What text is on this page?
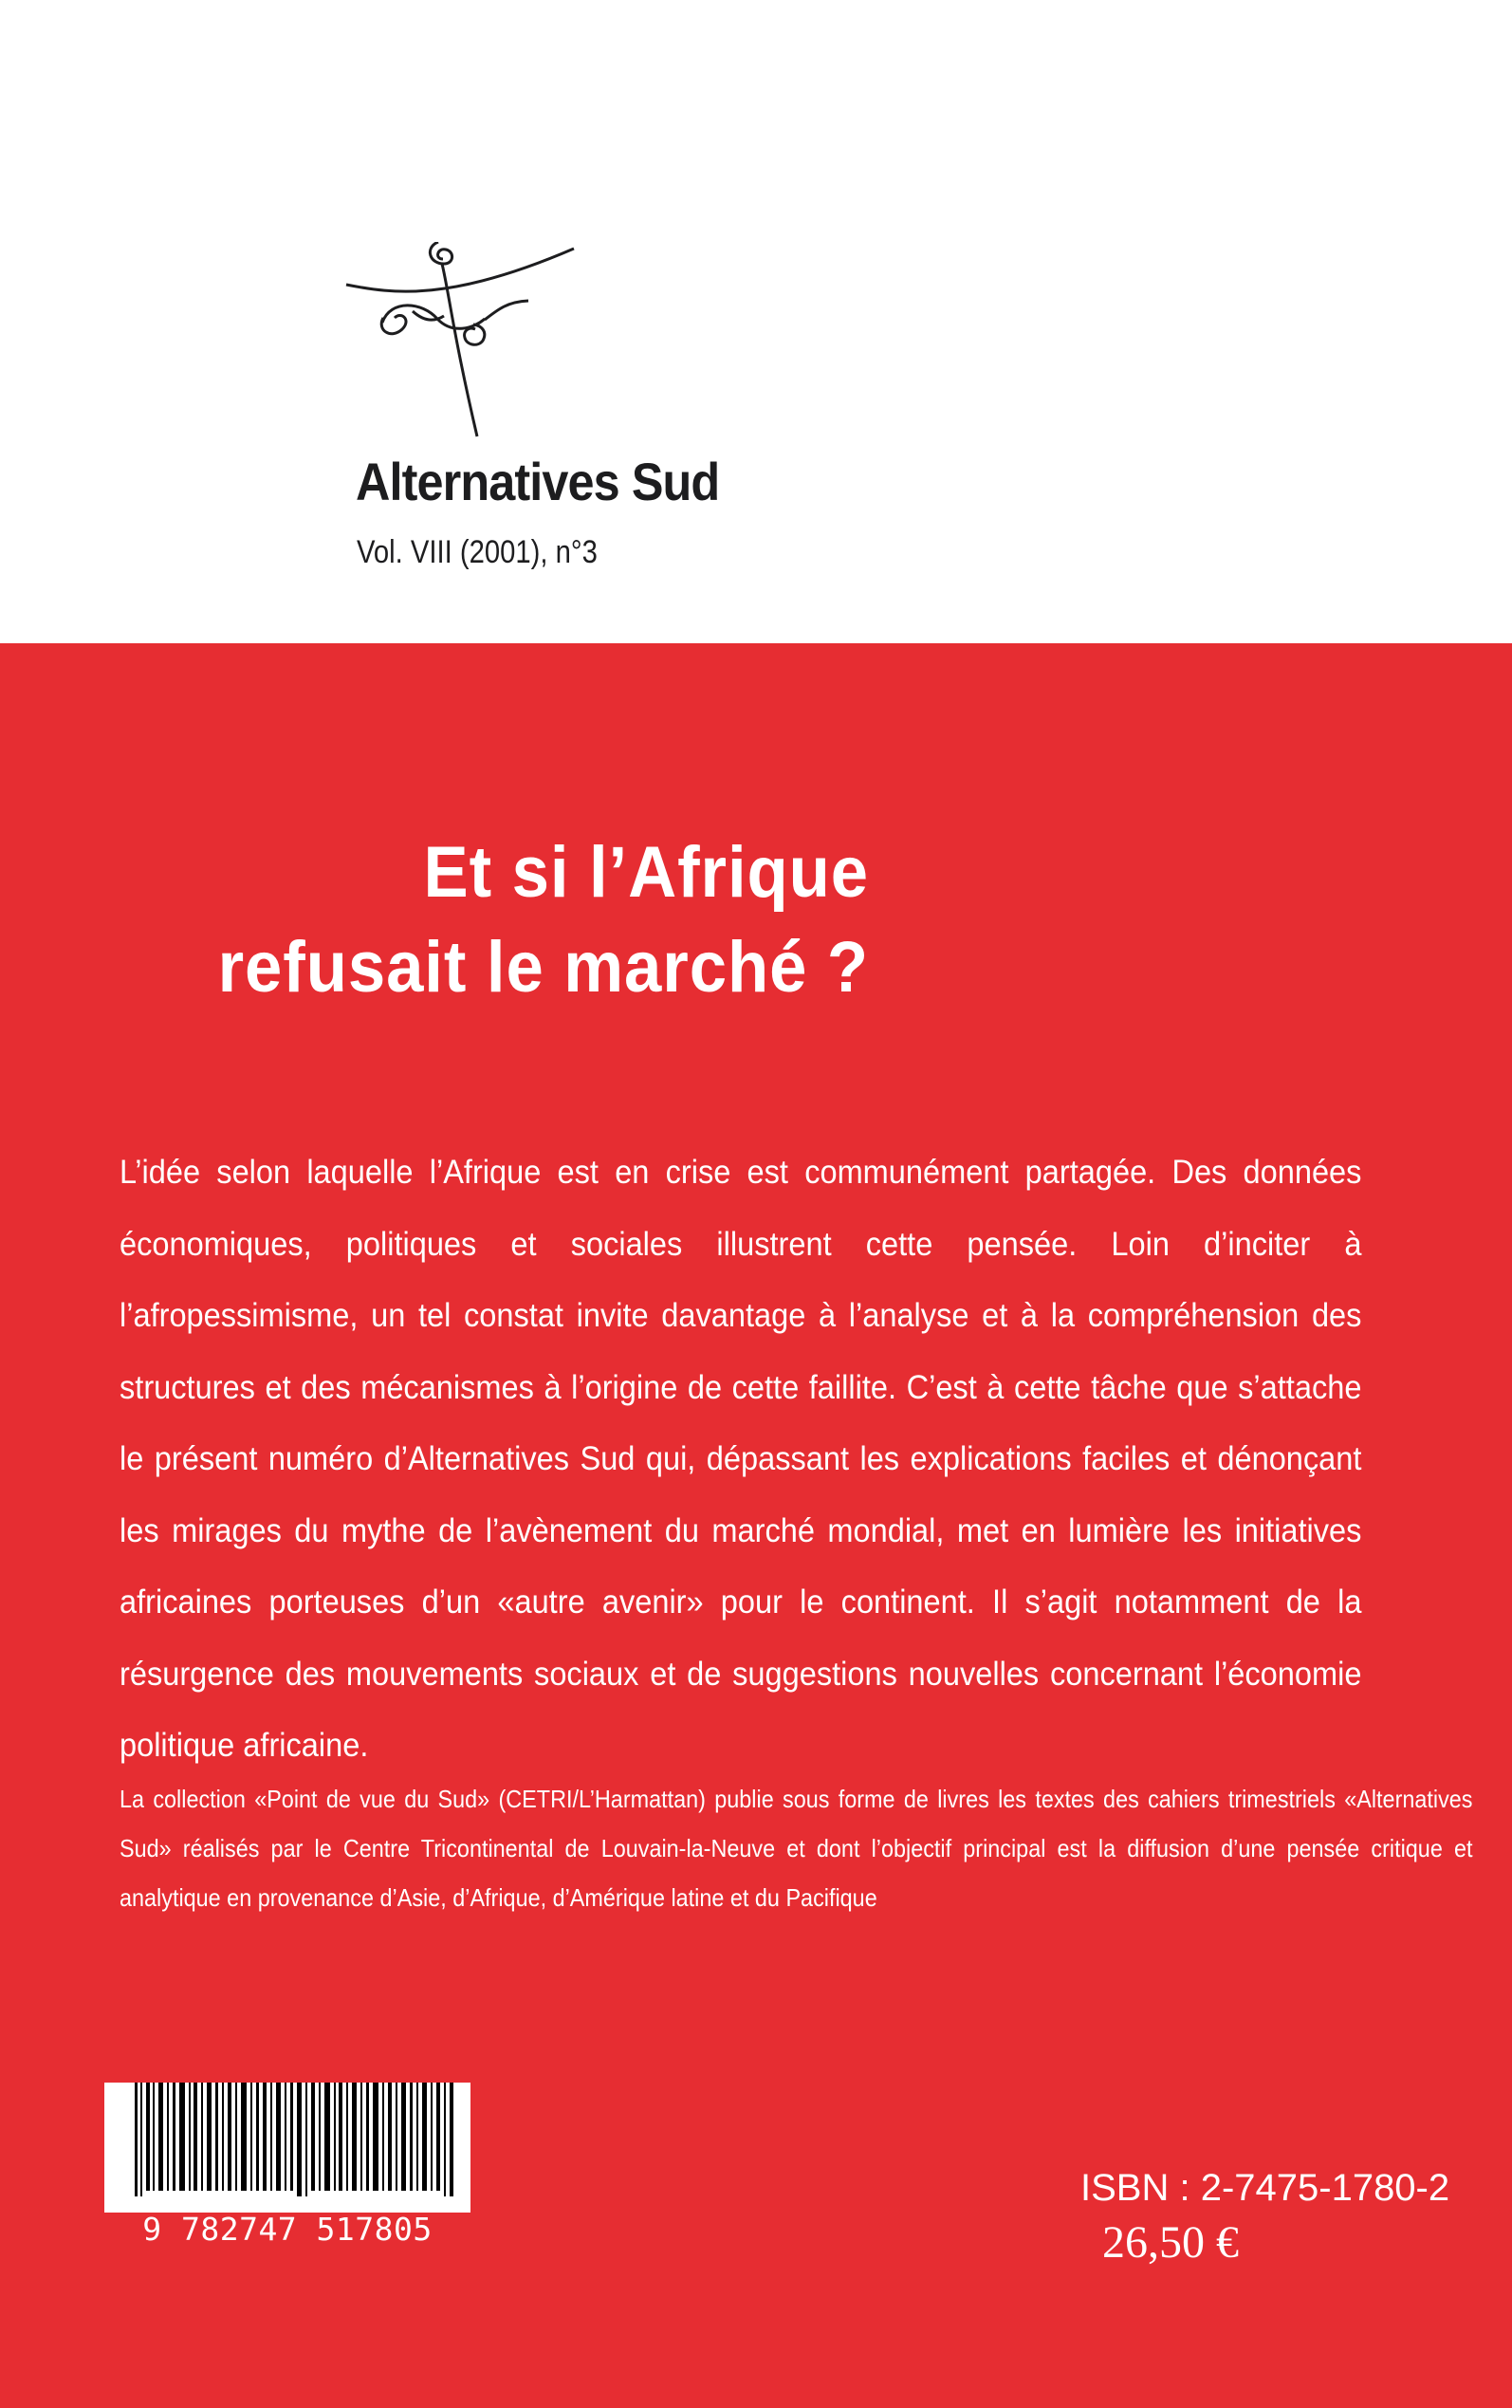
Alternatives Sud
Vol. VIII (2001), n°3
Et si l’Afrique
refusait le marché ?
L’idée selon laquelle l’Afrique est en crise est communément partagée. Des données économiques, politiques et sociales illustrent cette pensée. Loin d’inciter à l’afropessimisme, un tel constat invite davantage à l’analyse et à la compréhension des structures et des mécanismes à l’origine de cette faillite. C’est à cette tâche que s’attache le présent numéro d’Alternatives Sud qui, dépassant les explications faciles et dénonçant les mirages du mythe de l’avènement du marché mondial, met en lumière les initiatives africaines porteuses d’un «autre avenir» pour le continent. Il s’agit notamment de la résurgence des mouvements sociaux et de suggestions nouvelles concernant l’économie politique africaine.
La collection «Point de vue du Sud» (CETRI/L’Harmattan) publie sous forme de livres les textes des cahiers trimestriels «Alternatives Sud» réalisés par le Centre Tricontinental de Louvain-la-Neuve et dont l’objectif principal est la diffusion d’une pensée critique et analytique en provenance d’Asie, d’Afrique, d’Amérique latine et du Pacifique
9 782747 517805
ISBN : 2-7475-1780-2
26,50 €
